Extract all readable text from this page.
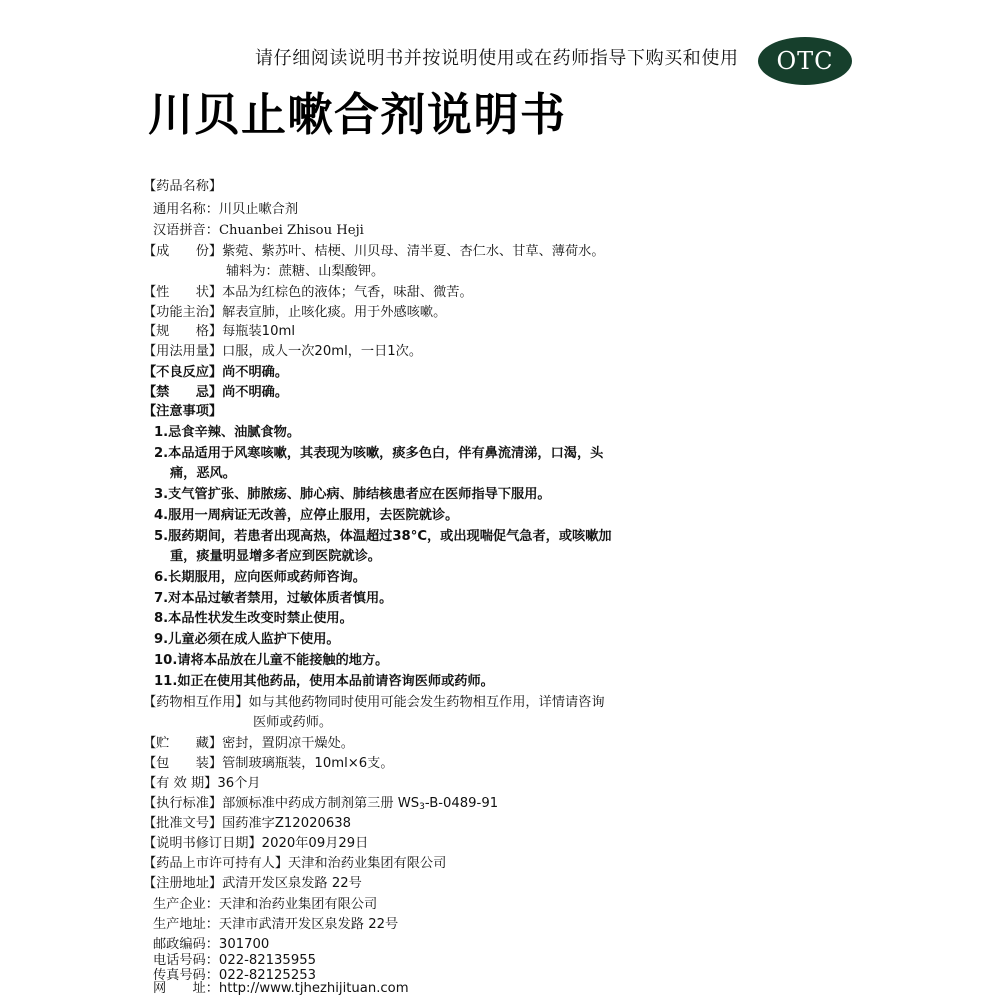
请仔细阅读说明书并按说明使用或在药师指导下购买和使用	OTC
川贝止嗽合剂说明书
【药品名称】
通用名称：川贝止嗽合剂
汉语拼音：Chuanbei Zhisou Heji
【成　　份】紫菀、紫苏叶、桔梗、川贝母、清半夏、杏仁水、甘草、薄荷水。
辅料为：蔗糖、山梨酸钾。
【性　　状】本品为红棕色的液体；气香，味甜、微苦。
【功能主治】解表宣肺，止咳化痰。用于外感咳嗽。
【规　　格】每瓶装10ml
【用法用量】口服，成人一次20ml，一日1次。
【不良反应】尚不明确。
【禁　　忌】尚不明确。
【注意事项】
1.忌食辛辣、油腻食物。
2.本品适用于风寒咳嗽，其表现为咳嗽，痰多色白，伴有鼻流清涕，口渴，头
痛，恶风。
3.支气管扩张、肺脓疡、肺心病、肺结核患者应在医师指导下服用。
4.服用一周病证无改善，应停止服用，去医院就诊。
5.服药期间，若患者出现高热，体温超过38°C，或出现喘促气急者，或咳嗽加
重，痰量明显增多者应到医院就诊。
6.长期服用，应向医师或药师咨询。
7.对本品过敏者禁用，过敏体质者慎用。
8.本品性状发生改变时禁止使用。
9.儿童必须在成人监护下使用。
10.请将本品放在儿童不能接触的地方。
11.如正在使用其他药品，使用本品前请咨询医师或药师。
【药物相互作用】如与其他药物同时使用可能会发生药物相互作用，详情请咨询
医师或药师。
【贮　　藏】密封，置阴凉干燥处。
【包　　装】管制玻璃瓶装，10ml×6支。
【有 效 期】36个月
【执行标准】部颁标准中药成方制剂第三册 $WS_3-B-0489-91$
【批准文号】国药准字Z12020638
【说明书修订日期】2020年09月29日
【药品上市许可持有人】天津和治药业集团有限公司
【注册地址】武清开发区泉发路 22号
生产企业：天津和治药业集团有限公司
生产地址：天津市武清开发区泉发路 22号
邮政编码：301700
电话号码：022-82135955
传真号码：022-82125253
网　　址：http://www.tjhezhijituan.com
